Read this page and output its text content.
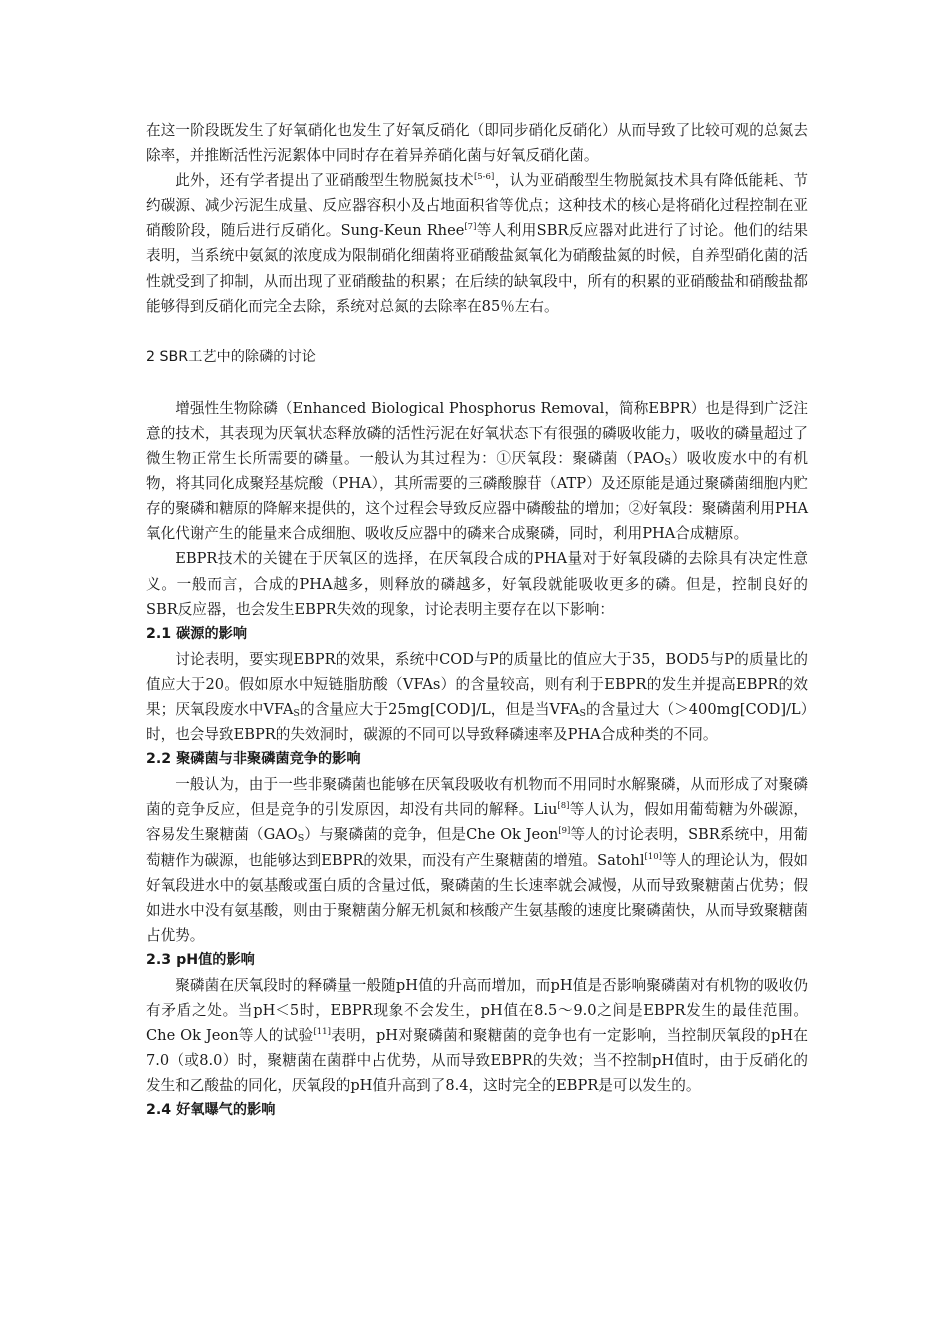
在这一阶段既发生了好氧硝化也发生了好氧反硝化（即同步硝化反硝化）从而导致了比较可观的总氮去除率，并推断活性污泥絮体中同时存在着异养硝化菌与好氧反硝化菌。

此外，还有学者提出了亚硝酸型生物脱氮技术[5-6]，认为亚硝酸型生物脱氮技术具有降低能耗、节约碳源、减少污泥生成量、反应器容积小及占地面积省等优点；这种技术的核心是将硝化过程控制在亚硝酸阶段，随后进行反硝化。Sung-Keun Rhee[7]等人利用SBR反应器对此进行了讨论。他们的结果表明，当系统中氨氮的浓度成为限制硝化细菌将亚硝酸盐氮氧化为硝酸盐氮的时候，自养型硝化菌的活性就受到了抑制，从而出现了亚硝酸盐的积累；在后续的缺氧段中，所有的积累的亚硝酸盐和硝酸盐都能够得到反硝化而完全去除，系统对总氮的去除率在85％左右。

2 SBR工艺中的除磷的讨论

增强性生物除磷（Enhanced Biological Phosphorus Removal，简称EBPR）也是得到广泛注意的技术，其表现为厌氧状态释放磷的活性污泥在好氧状态下有很强的磷吸收能力，吸收的磷量超过了微生物正常生长所需要的磷量。一般认为其过程为：①厌氧段：聚磷菌$(PAO_S)$吸收废水中的有机物，将其同化成聚羟基烷酸（PHA），其所需要的三磷酸腺苷（ATP）及还原能是通过聚磷菌细胞内贮存的聚磷和糖原的降解来提供的，这个过程会导致反应器中磷酸盐的增加；②好氧段：聚磷菌利用PHA氧化代谢产生的能量来合成细胞、吸收反应器中的磷来合成聚磷，同时，利用PHA合成糖原。

EBPR技术的关键在于厌氧区的选择，在厌氧段合成的PHA量对于好氧段磷的去除具有决定性意义。一般而言，合成的PHA越多，则释放的磷越多，好氧段就能吸收更多的磷。但是，控制良好的SBR反应器，也会发生EBPR失效的现象，讨论表明主要存在以下影响：

2.1 碳源的影响

讨论表明，要实现EBPR的效果，系统中COD与P的质量比的值应大于35，BOD5与P的质量比的值应大于20。假如原水中短链脂肪酸（VFAs）的含量较高，则有利于EBPR的发生并提高EBPR的效果；厌氧段废水中$VFA_S$的含量应大于25mg[COD]/L，但是当$VFA_S$的含量过大（＞400mg[COD]/L）时，也会导致EBPR的失效洞时，碳源的不同可以导致释磷速率及PHA合成种类的不同。

2.2 聚磷菌与非聚磷菌竞争的影响

一般认为，由于一些非聚磷菌也能够在厌氧段吸收有机物而不用同时水解聚磷，从而形成了对聚磷菌的竞争反应，但是竞争的引发原因，却没有共同的解释。Liu[8]等人认为，假如用葡萄糖为外碳源，容易发生聚糖菌$(GAO_S)$与聚磷菌的竞争，但是Che Ok Jeon[9]等人的讨论表明，SBR系统中，用葡萄糖作为碳源，也能够达到EBPR的效果，而没有产生聚糖菌的增殖。Satohl[10]等人的理论认为，假如好氧段进水中的氨基酸或蛋白质的含量过低，聚磷菌的生长速率就会减慢，从而导致聚糖菌占优势；假如进水中没有氨基酸，则由于聚糖菌分解无机氮和核酸产生氨基酸的速度比聚磷菌快，从而导致聚糖菌占优势。

2.3 pH值的影响

聚磷菌在厌氧段时的释磷量一般随pH值的升高而增加，而pH值是否影响聚磷菌对有机物的吸收仍有矛盾之处。当pH＜5时，EBPR现象不会发生，pH值在8.5～9.0之间是EBPR发生的最佳范围。Che Ok Jeon等人的试验[11]表明，pH对聚磷菌和聚糖菌的竞争也有一定影响，当控制厌氧段的pH在7.0（或8.0）时，聚糖菌在菌群中占优势，从而导致EBPR的失效；当不控制pH值时，由于反硝化的发生和乙酸盐的同化，厌氧段的pH值升高到了8.4，这时完全的EBPR是可以发生的。

2.4 好氧曝气的影响
